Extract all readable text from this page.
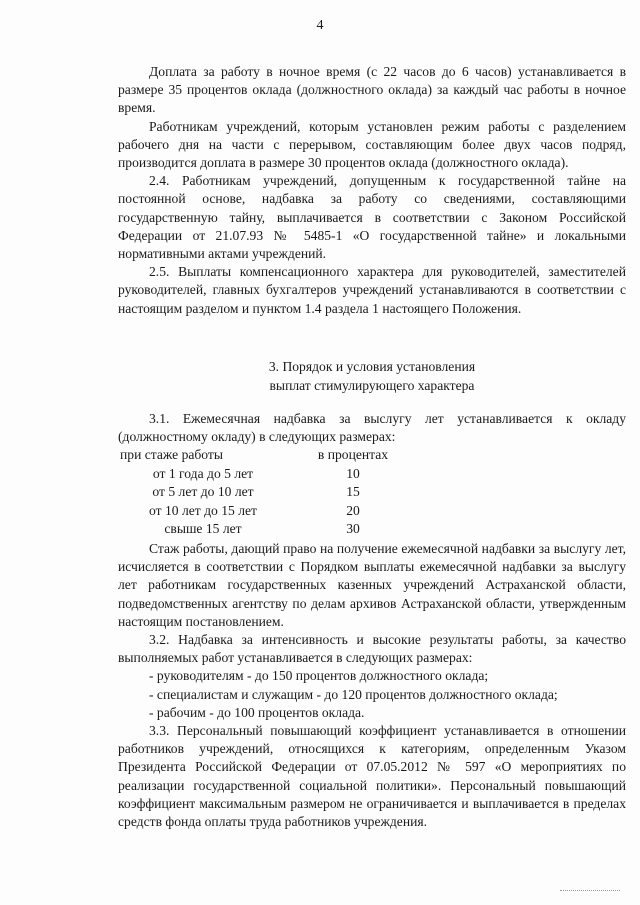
4

Доплата за работу в ночное время (с 22 часов до 6 часов) устанавливается в размере 35 процентов оклада (должностного оклада) за каждый час работы в ночное время.

Работникам учреждений, которым установлен режим работы с разделением рабочего дня на части с перерывом, составляющим более двух часов подряд, производится доплата в размере 30 процентов оклада (должностного оклада).

2.4. Работникам учреждений, допущенным к государственной тайне на постоянной основе, надбавка за работу со сведениями, составляющими государственную тайну, выплачивается в соответствии с Законом Российской Федерации от 21.07.93 № 5485-1 «О государственной тайне» и локальными нормативными актами учреждений.

2.5. Выплаты компенсационного характера для руководителей, заместителей руководителей, главных бухгалтеров учреждений устанавливаются в соответствии с настоящим разделом и пунктом 1.4 раздела 1 настоящего Положения.

3. Порядок и условия установления
выплат стимулирующего характера

3.1. Ежемесячная надбавка за выслугу лет устанавливается к окладу (должностному окладу) в следующих размерах:

при стаже работы	в процентах
от 1 года до 5 лет	10
от 5 лет до 10 лет	15
от 10 лет до 15 лет	20
свыше 15 лет	30

Стаж работы, дающий право на получение ежемесячной надбавки за выслугу лет, исчисляется в соответствии с Порядком выплаты ежемесячной надбавки за выслугу лет работникам государственных казенных учреждений Астраханской области, подведомственных агентству по делам архивов Астраханской области, утвержденным настоящим постановлением.

3.2. Надбавка за интенсивность и высокие результаты работы, за качество выполняемых работ устанавливается в следующих размерах:

- руководителям - до 150 процентов должностного оклада;

- специалистам и служащим - до 120 процентов должностного оклада;

- рабочим - до 100 процентов оклада.

3.3. Персональный повышающий коэффициент устанавливается в отношении работников учреждений, относящихся к категориям, определенным Указом Президента Российской Федерации от 07.05.2012 № 597 «О мероприятиях по реализации государственной социальной политики». Персональный повышающий коэффициент максимальным размером не ограничивается и выплачивается в пределах средств фонда оплаты труда работников учреждения.
